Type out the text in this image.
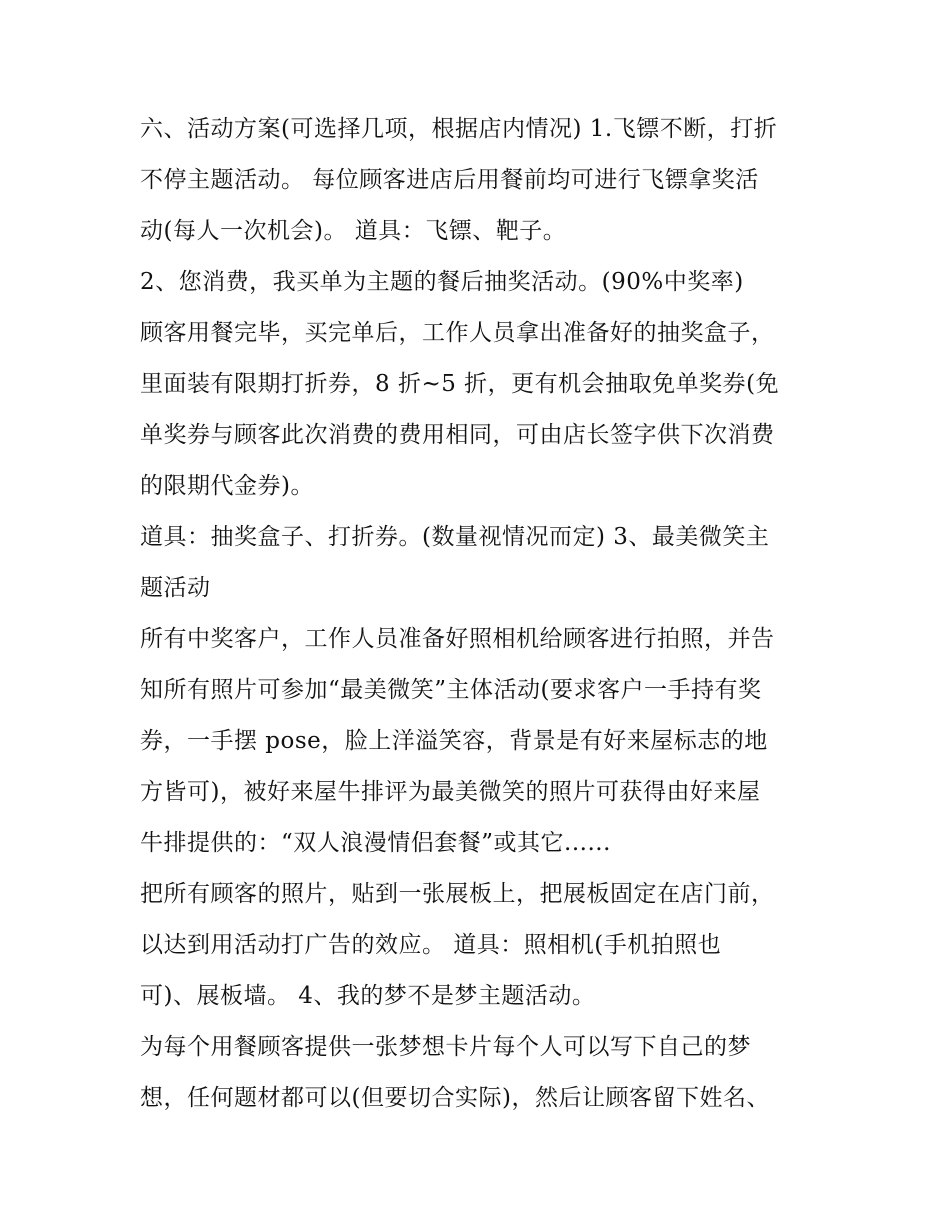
六、活动方案(可选择几项，根据店内情况) 1.飞镖不断，打折
不停主题活动。 每位顾客进店后用餐前均可进行飞镖拿奖活
动(每人一次机会)。 道具：飞镖、靶子。
2、您消费，我买单为主题的餐后抽奖活动。(90%中奖率)
顾客用餐完毕，买完单后，工作人员拿出准备好的抽奖盒子，
里面装有限期打折券，8 折~5 折，更有机会抽取免单奖券(免
单奖券与顾客此次消费的费用相同，可由店长签字供下次消费
的限期代金券)。
道具：抽奖盒子、打折券。(数量视情况而定) 3、最美微笑主
题活动
所有中奖客户，工作人员准备好照相机给顾客进行拍照，并告
知所有照片可参加“最美微笑”主体活动(要求客户一手持有奖
券，一手摆 pose，脸上洋溢笑容，背景是有好来屋标志的地
方皆可)，被好来屋牛排评为最美微笑的照片可获得由好来屋
牛排提供的：“双人浪漫情侣套餐”或其它......
把所有顾客的照片，贴到一张展板上，把展板固定在店门前，
以达到用活动打广告的效应。 道具：照相机(手机拍照也
可)、展板墙。 4、我的梦不是梦主题活动。
为每个用餐顾客提供一张梦想卡片每个人可以写下自己的梦
想，任何题材都可以(但要切合实际)，然后让顾客留下姓名、
